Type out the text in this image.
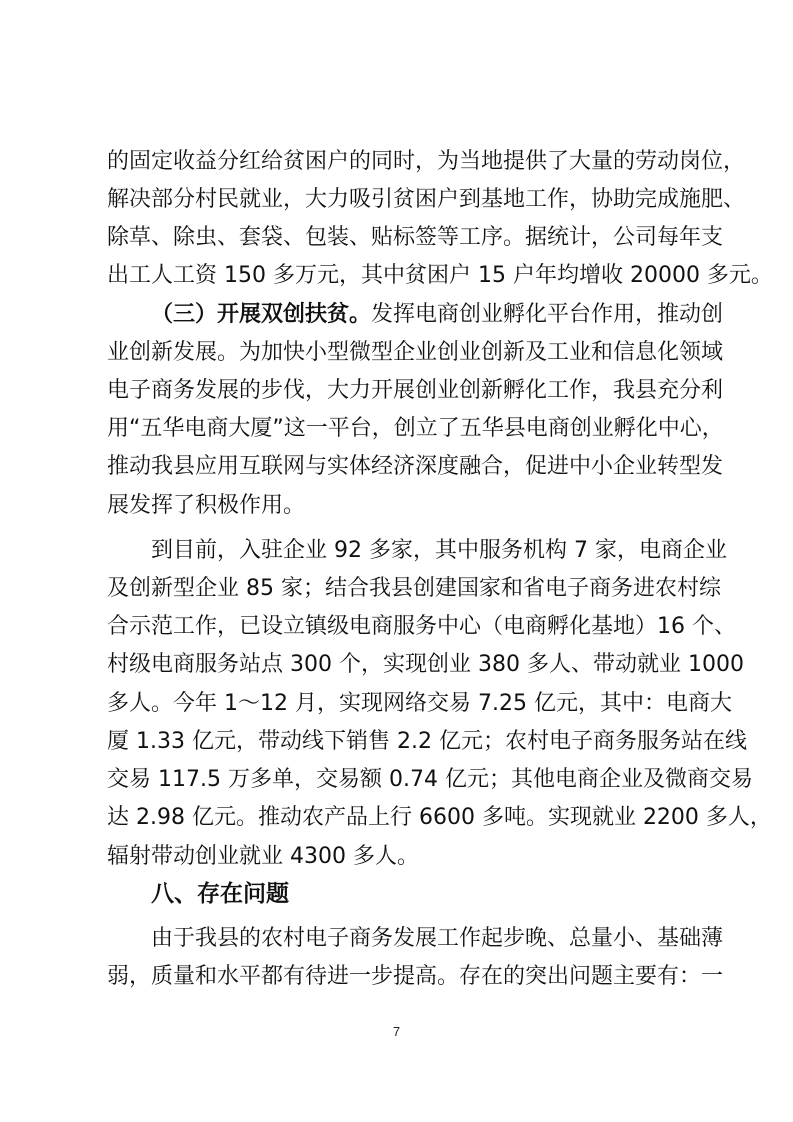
的固定收益分红给贫困户的同时，为当地提供了大量的劳动岗位，
解决部分村民就业，大力吸引贫困户到基地工作，协助完成施肥、
除草、除虫、套袋、包装、贴标签等工序。据统计，公司每年支
出工人工资 150 多万元，其中贫困户 15 户年均增收 20000 多元。
（三）开展双创扶贫。发挥电商创业孵化平台作用，推动创
业创新发展。为加快小型微型企业创业创新及工业和信息化领域
电子商务发展的步伐，大力开展创业创新孵化工作，我县充分利
用“五华电商大厦”这一平台，创立了五华县电商创业孵化中心，
推动我县应用互联网与实体经济深度融合，促进中小企业转型发
展发挥了积极作用。
到目前，入驻企业 92 多家，其中服务机构 7 家，电商企业
及创新型企业 85 家；结合我县创建国家和省电子商务进农村综
合示范工作，已设立镇级电商服务中心（电商孵化基地）16 个、
村级电商服务站点 300 个，实现创业 380 多人、带动就业 1000
多人。今年 1～12 月，实现网络交易 7.25 亿元，其中：电商大
厦 1.33 亿元，带动线下销售 2.2 亿元；农村电子商务服务站在线
交易 117.5 万多单，交易额 0.74 亿元；其他电商企业及微商交易
达 2.98 亿元。推动农产品上行 6600 多吨。实现就业 2200 多人，
辐射带动创业就业 4300 多人。
八、存在问题
由于我县的农村电子商务发展工作起步晚、总量小、基础薄
弱，质量和水平都有待进一步提高。存在的突出问题主要有：一
7
